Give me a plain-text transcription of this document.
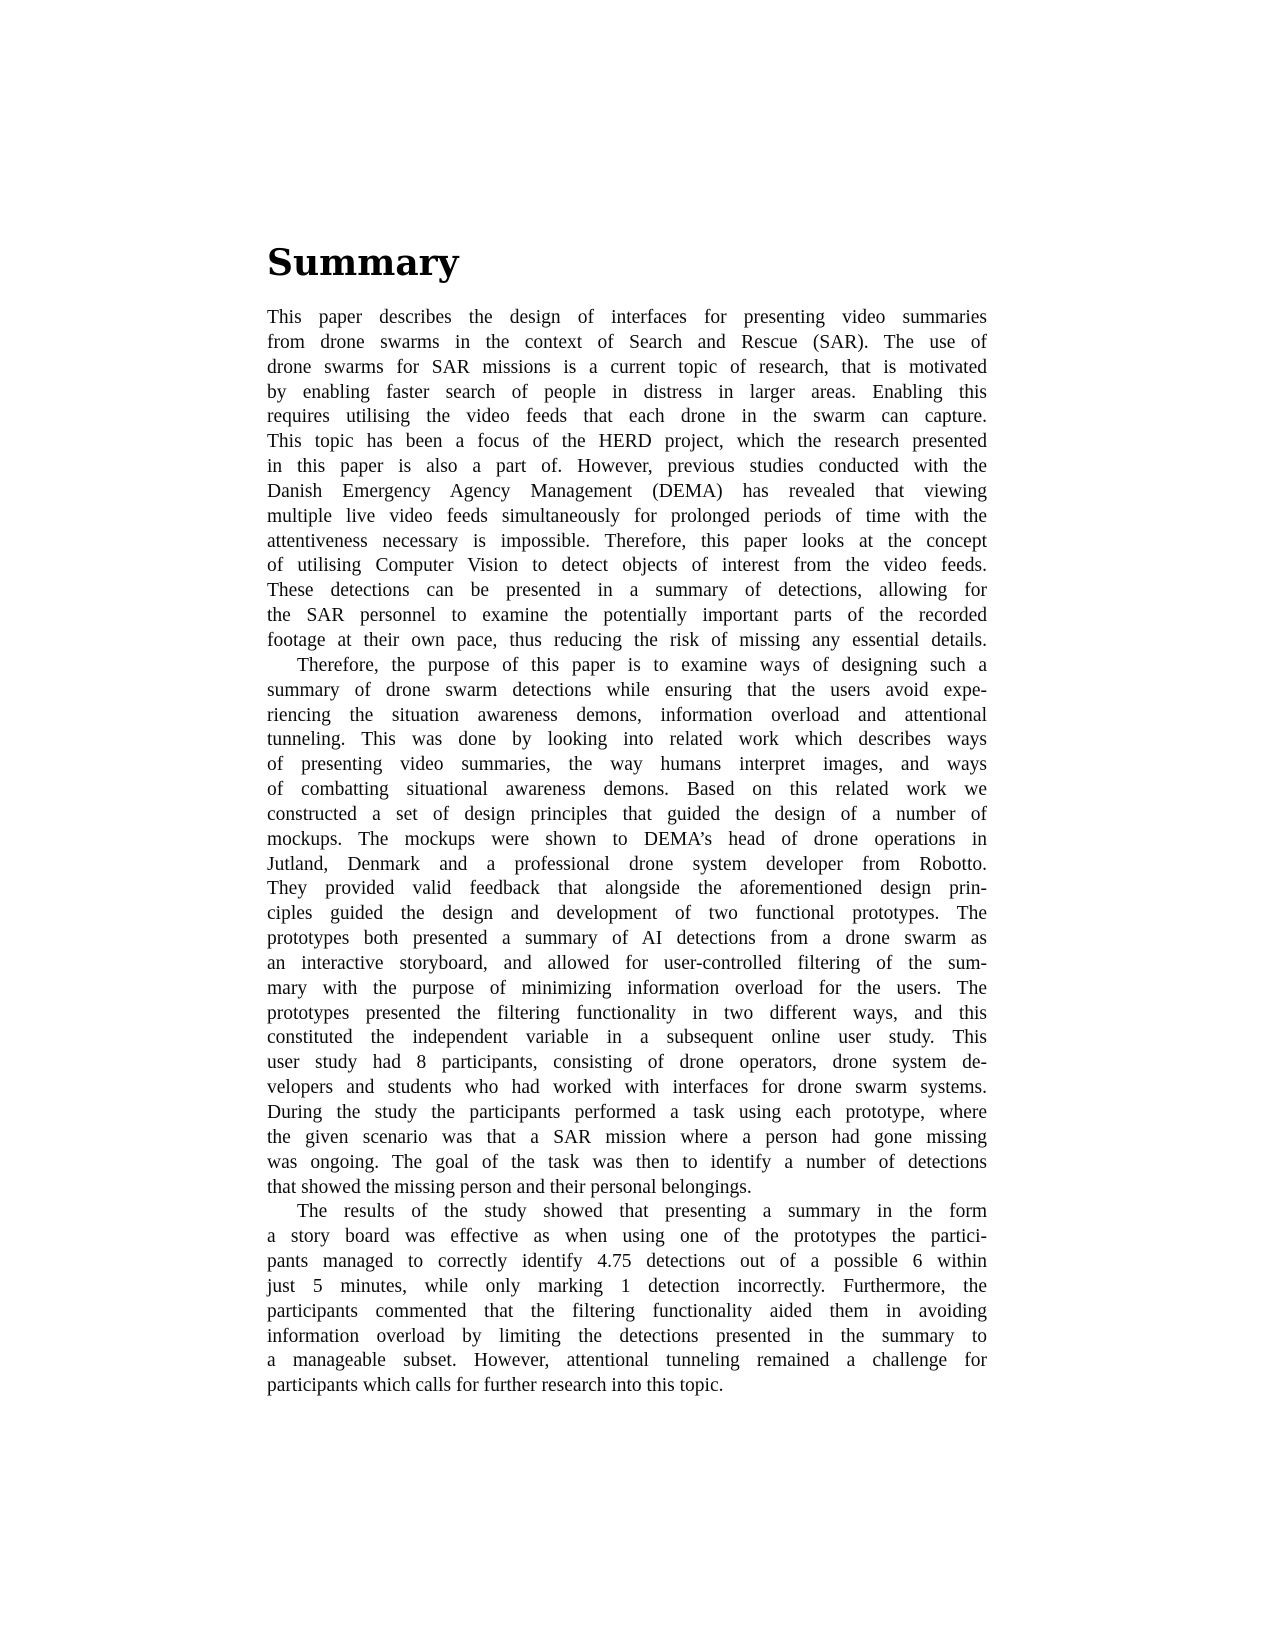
Summary
This paper describes the design of interfaces for presenting video summaries
from drone swarms in the context of Search and Rescue (SAR). The use of
drone swarms for SAR missions is a current topic of research, that is motivated
by enabling faster search of people in distress in larger areas. Enabling this
requires utilising the video feeds that each drone in the swarm can capture.
This topic has been a focus of the HERD project, which the research presented
in this paper is also a part of. However, previous studies conducted with the
Danish Emergency Agency Management (DEMA) has revealed that viewing
multiple live video feeds simultaneously for prolonged periods of time with the
attentiveness necessary is impossible. Therefore, this paper looks at the concept
of utilising Computer Vision to detect objects of interest from the video feeds.
These detections can be presented in a summary of detections, allowing for
the SAR personnel to examine the potentially important parts of the recorded
footage at their own pace, thus reducing the risk of missing any essential details.
Therefore, the purpose of this paper is to examine ways of designing such a
summary of drone swarm detections while ensuring that the users avoid expe-
riencing the situation awareness demons, information overload and attentional
tunneling. This was done by looking into related work which describes ways
of presenting video summaries, the way humans interpret images, and ways
of combatting situational awareness demons. Based on this related work we
constructed a set of design principles that guided the design of a number of
mockups. The mockups were shown to DEMA’s head of drone operations in
Jutland, Denmark and a professional drone system developer from Robotto.
They provided valid feedback that alongside the aforementioned design prin-
ciples guided the design and development of two functional prototypes. The
prototypes both presented a summary of AI detections from a drone swarm as
an interactive storyboard, and allowed for user-controlled filtering of the sum-
mary with the purpose of minimizing information overload for the users. The
prototypes presented the filtering functionality in two different ways, and this
constituted the independent variable in a subsequent online user study. This
user study had 8 participants, consisting of drone operators, drone system de-
velopers and students who had worked with interfaces for drone swarm systems.
During the study the participants performed a task using each prototype, where
the given scenario was that a SAR mission where a person had gone missing
was ongoing. The goal of the task was then to identify a number of detections
that showed the missing person and their personal belongings.
The results of the study showed that presenting a summary in the form
a story board was effective as when using one of the prototypes the partici-
pants managed to correctly identify 4.75 detections out of a possible 6 within
just 5 minutes, while only marking 1 detection incorrectly. Furthermore, the
participants commented that the filtering functionality aided them in avoiding
information overload by limiting the detections presented in the summary to
a manageable subset. However, attentional tunneling remained a challenge for
participants which calls for further research into this topic.
